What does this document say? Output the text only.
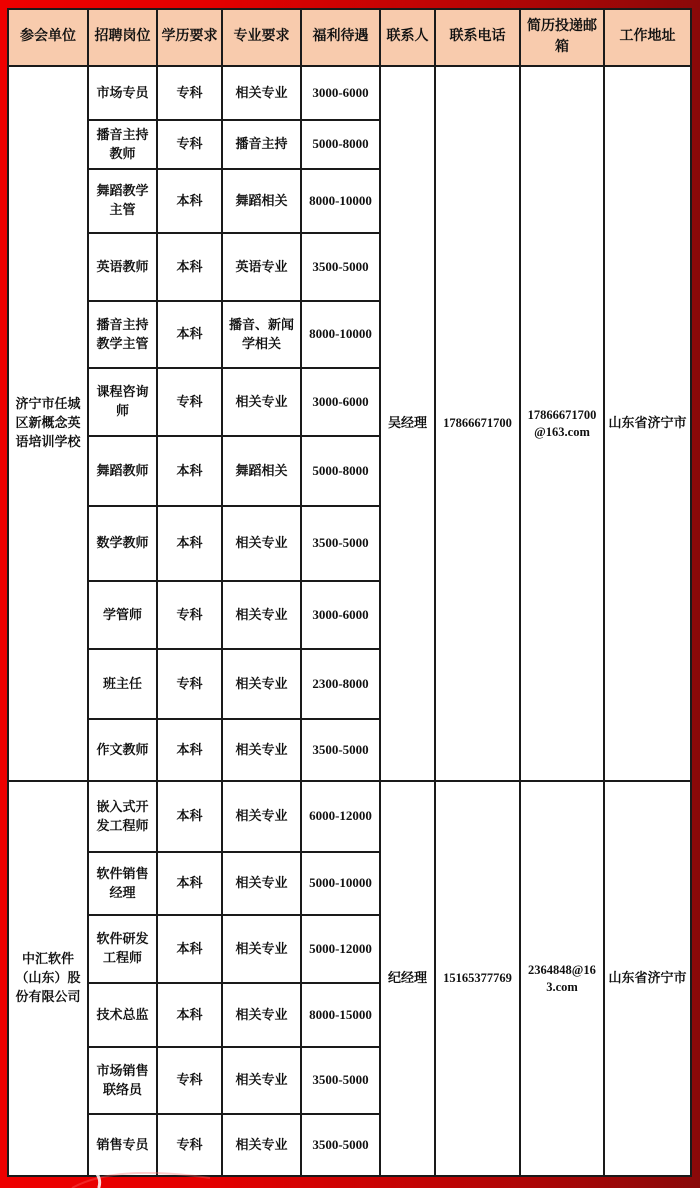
参会单位	招聘岗位	学历要求	专业要求	福利待遇	联系人	联系电话	简历投递邮箱	工作地址
济宁市任城区新概念英语培训学校	市场专员	专科	相关专业	3000-6000	吴经理	17866671700	17866671700@163.com	山东省济宁市
	播音主持教师	专科	播音主持	5000-8000				
	舞蹈教学主管	本科	舞蹈相关	8000-10000				
	英语教师	本科	英语专业	3500-5000				
	播音主持教学主管	本科	播音、新闻学相关	8000-10000				
	课程咨询师	专科	相关专业	3000-6000				
	舞蹈教师	本科	舞蹈相关	5000-8000				
	数学教师	本科	相关专业	3500-5000				
	学管师	专科	相关专业	3000-6000				
	班主任	专科	相关专业	2300-8000				
	作文教师	本科	相关专业	3500-5000				
中汇软件（山东）股份有限公司	嵌入式开发工程师	本科	相关专业	6000-12000	纪经理	15165377769	2364848@163.com	山东省济宁市
	软件销售经理	本科	相关专业	5000-10000				
	软件研发工程师	本科	相关专业	5000-12000				
	技术总监	本科	相关专业	8000-15000				
	市场销售联络员	专科	相关专业	3500-5000				
	销售专员	专科	相关专业	3500-5000				
